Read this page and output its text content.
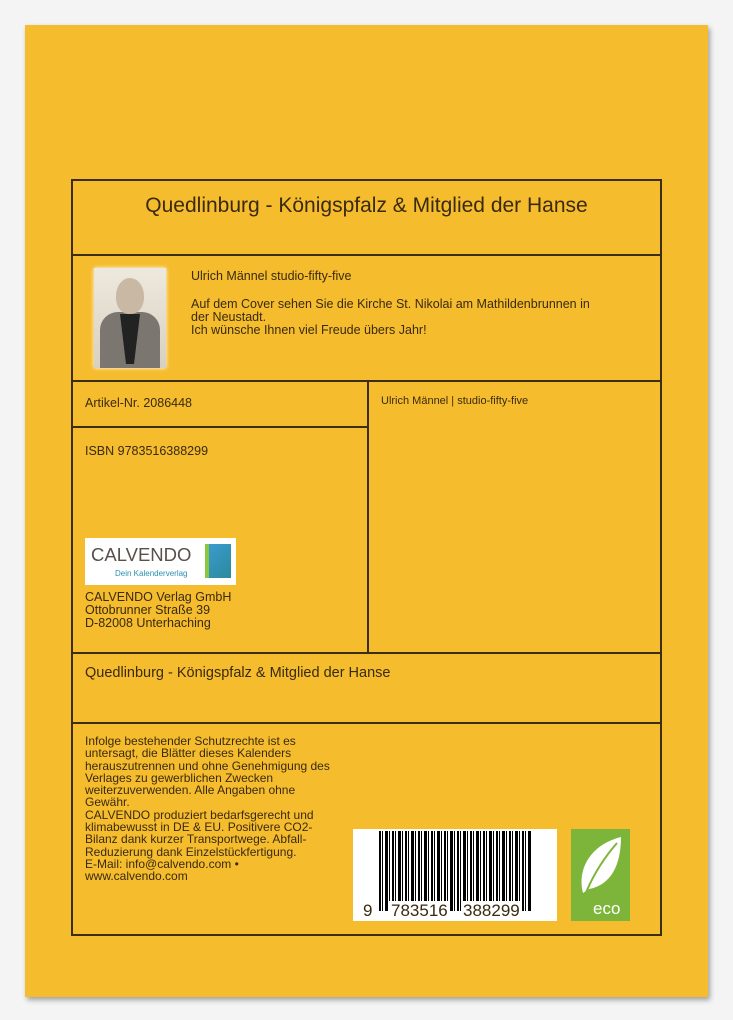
Quedlinburg - Königspfalz & Mitglied der Hanse
Ulrich Männel studio-fifty-five
Auf dem Cover sehen Sie die Kirche St. Nikolai am Mathildenbrunnen in
der Neustadt.
Ich wünsche Ihnen viel Freude übers Jahr!
Artikel-Nr. 2086448	Ulrich Männel | studio-fifty-five
ISBN 9783516388299
CALVENDO
Dein Kalenderverlag
CALVENDO Verlag GmbH
Ottobrunner Straße 39
D-82008 Unterhaching
Quedlinburg - Königspfalz & Mitglied der Hanse
Infolge bestehender Schutzrechte ist es
untersagt, die Blätter dieses Kalenders
herauszutrennen und ohne Genehmigung des
Verlages zu gewerblichen Zwecken
weiterzuverwenden. Alle Angaben ohne
Gewähr.
CALVENDO produziert bedarfsgerecht und
klimabewusst in DE & EU. Positivere CO2-
Bilanz dank kurzer Transportwege. Abfall-
Reduzierung dank Einzelstückfertigung.
E-Mail: info@calvendo.com •
www.calvendo.com
9 783516 388299	eco
